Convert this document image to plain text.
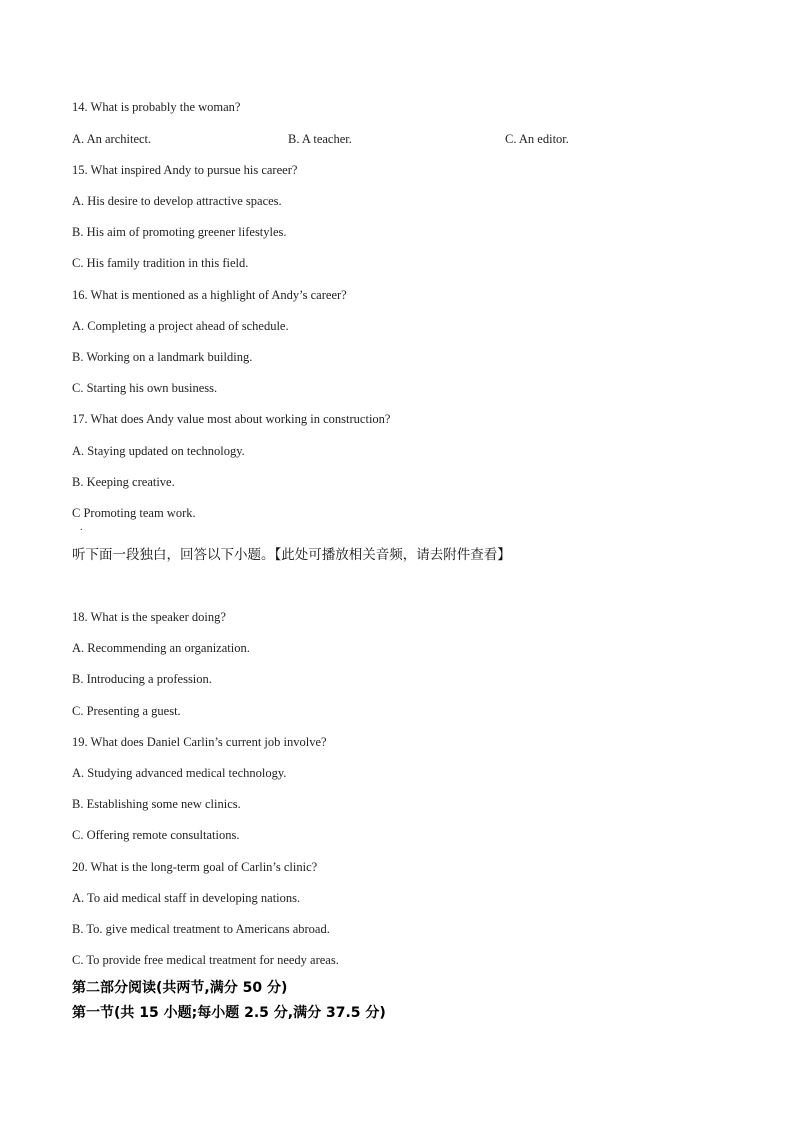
14. What is probably the woman?
A. An architect.	B. A teacher.	C. An editor.
15. What inspired Andy to pursue his career?
A. His desire to develop attractive spaces.
B. His aim of promoting greener lifestyles.
C. His family tradition in this field.
16. What is mentioned as a highlight of Andy’s career?
A. Completing a project ahead of schedule.
B. Working on a landmark building.
C. Starting his own business.
17. What does Andy value most about working in construction?
A. Staying updated on technology.
B. Keeping creative.
C Promoting team work.
.
听下面一段独白，回答以下小题。【此处可播放相关音频，请去附件查看】
18. What is the speaker doing?
A. Recommending an organization.
B. Introducing a profession.
C. Presenting a guest.
19. What does Daniel Carlin’s current job involve?
A. Studying advanced medical technology.
B. Establishing some new clinics.
C. Offering remote consultations.
20. What is the long-term goal of Carlin’s clinic?
A. To aid medical staff in developing nations.
B. To. give medical treatment to Americans abroad.
C. To provide free medical treatment for needy areas.
第二部分阅读(共两节,满分 50 分)
第一节(共 15 小题;每小题 2.5 分,满分 37.5 分)
